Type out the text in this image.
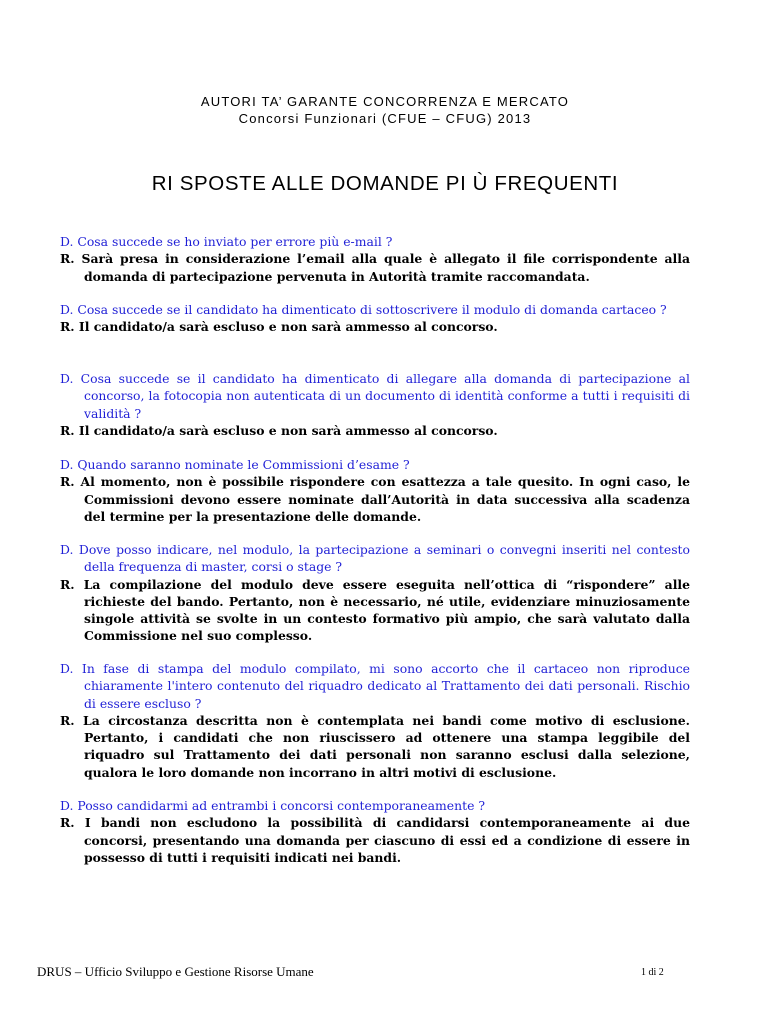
AUTORI TA’ GARANTE CONCORRENZA E MERCATO
Concorsi Funzionari (CFUE – CFUG) 2013
RI SPOSTE ALLE DOMANDE PI Ù FREQUENTI
D. Cosa succede se ho inviato per errore più e-mail ?
R. Sarà presa in considerazione l’email alla quale è allegato il file corrispondente alla domanda di partecipazione pervenuta in Autorità tramite raccomandata.
D. Cosa succede se il candidato ha dimenticato di sottoscrivere il modulo di domanda cartaceo ?
R. Il candidato/a sarà escluso e non sarà ammesso al concorso.
D. Cosa succede se il candidato ha dimenticato di allegare alla domanda di partecipazione al concorso, la fotocopia non autenticata di un documento di identità conforme a tutti i requisiti di validità ?
R. Il candidato/a sarà escluso e non sarà ammesso al concorso.
D. Quando saranno nominate le Commissioni d’esame ?
R. Al momento, non è possibile rispondere con esattezza a tale quesito. In ogni caso, le Commissioni devono essere nominate dall’Autorità in data successiva alla scadenza del termine per la presentazione delle domande.
D. Dove posso indicare, nel modulo, la partecipazione a seminari o convegni inseriti nel contesto della frequenza di master, corsi o stage ?
R. La compilazione del modulo deve essere eseguita nell’ottica di “rispondere” alle richieste del bando. Pertanto, non è necessario, né utile, evidenziare minuziosamente singole attività se svolte in un contesto formativo più ampio, che sarà valutato dalla Commissione nel suo complesso.
D. In fase di stampa del modulo compilato, mi sono accorto che il cartaceo non riproduce chiaramente l'intero contenuto del riquadro dedicato al Trattamento dei dati personali. Rischio di essere escluso ?
R. La circostanza descritta non è contemplata nei bandi come motivo di esclusione. Pertanto, i candidati che non riuscissero ad ottenere una stampa leggibile del riquadro sul Trattamento dei dati personali non saranno esclusi dalla selezione, qualora le loro domande non incorrano in altri motivi di esclusione.
D. Posso candidarmi ad entrambi i concorsi contemporaneamente ?
R. I bandi non escludono la possibilità di candidarsi contemporaneamente ai due concorsi, presentando una domanda per ciascuno di essi ed a condizione di essere in possesso di tutti i requisiti indicati nei bandi.
DRUS – Ufficio Sviluppo e Gestione Risorse Umane	1 di 2
